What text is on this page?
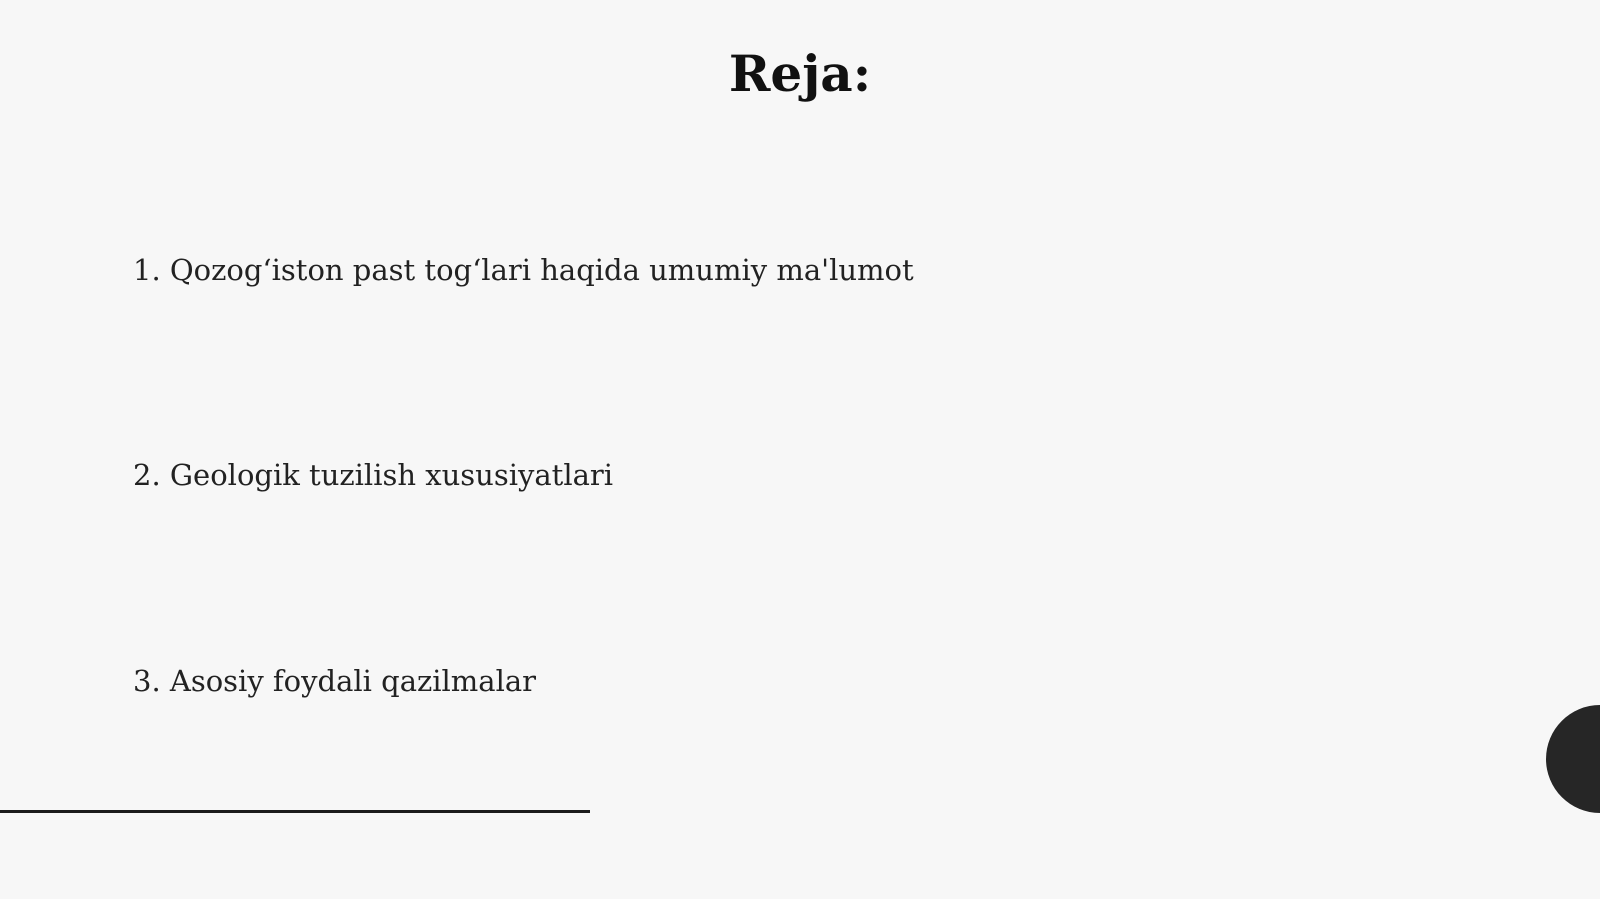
Reja:
1. Qozog‘iston past tog‘lari haqida umumiy ma'lumot
2. Geologik tuzilish xususiyatlari
3. Asosiy foydali qazilmalar
